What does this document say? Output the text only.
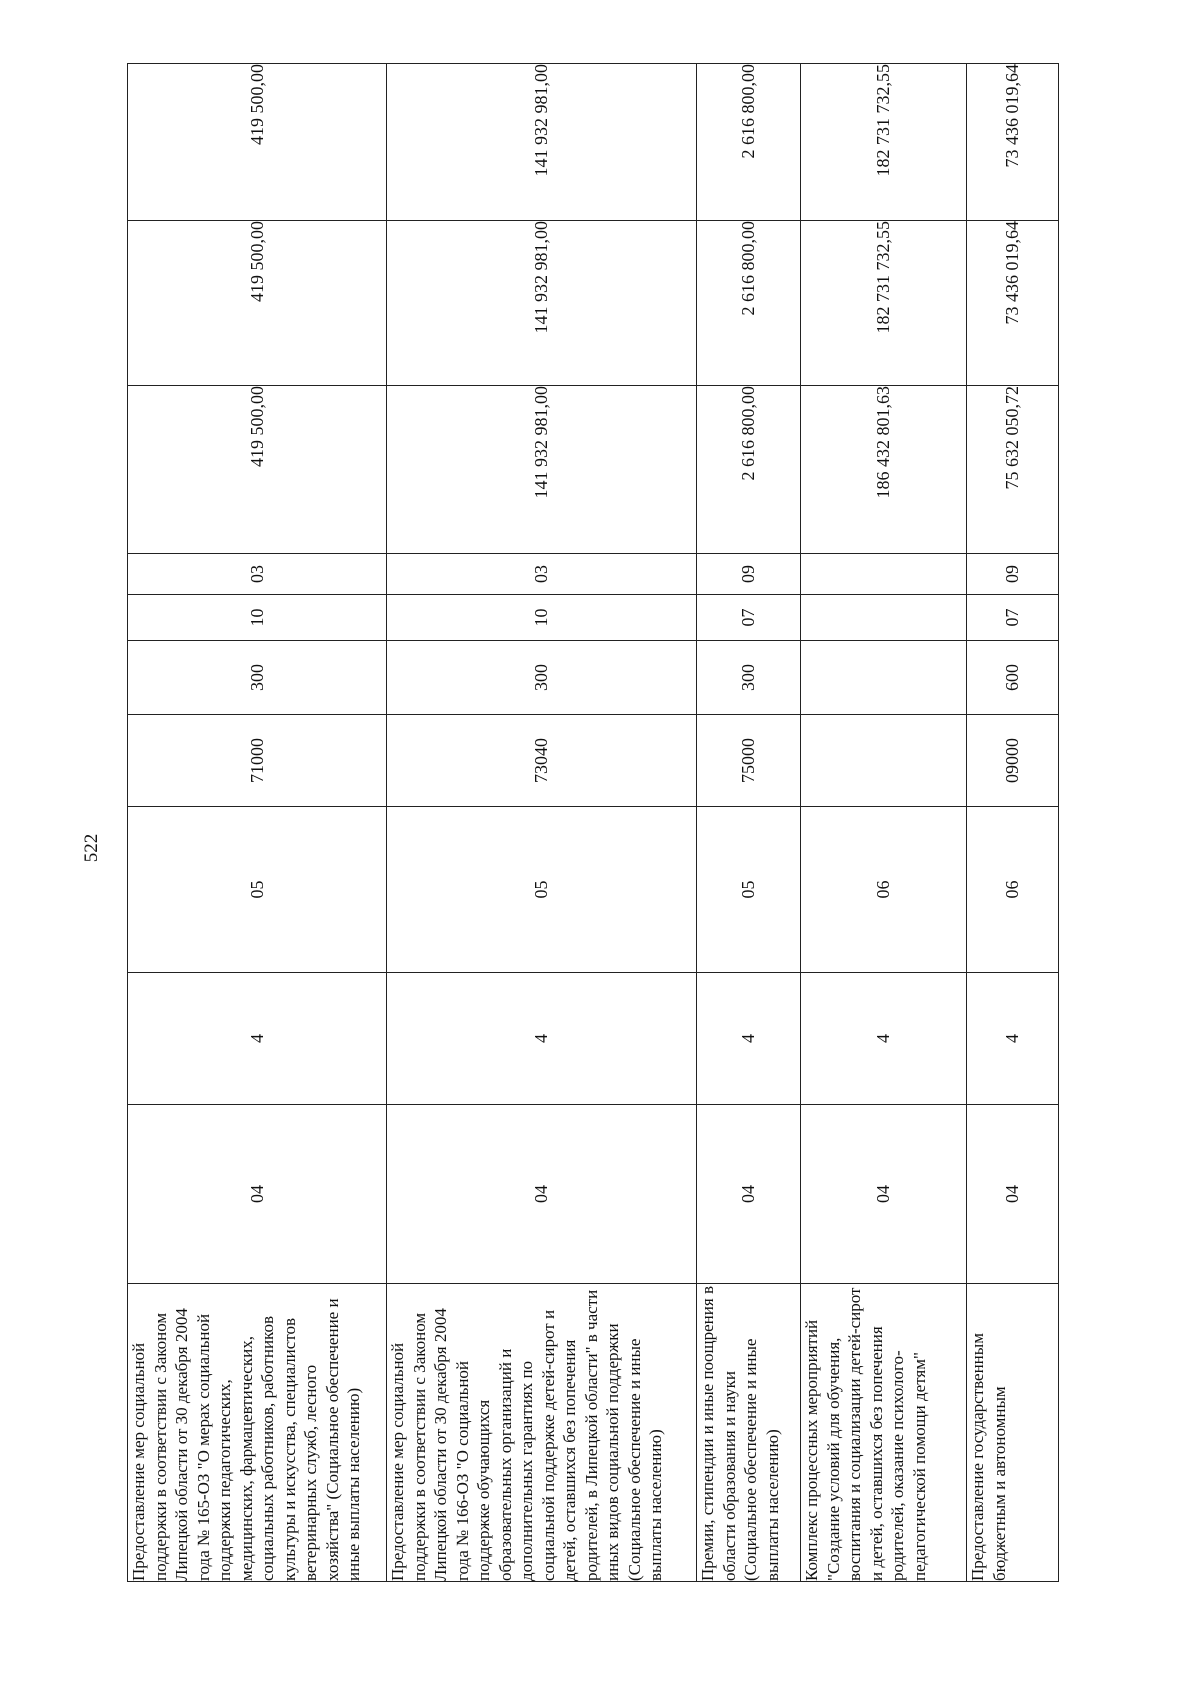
522
Предоставление мер социальной поддержки в соответствии с Законом Липецкой области от 30 декабря 2004 года № 165-ОЗ "О мерах социальной поддержки педагогических, медицинских, фармацевтических, социальных работников, работников культуры и искусства, специалистов ветеринарных служб, лесного хозяйства" (Социальное обеспечение и иные выплаты населению)	04	4	05	71000	300	10	03	419 500,00	419 500,00	419 500,00
Предоставление мер социальной поддержки в соответствии с Законом Липецкой области от 30 декабря 2004 года № 166-ОЗ "О социальной поддержке обучающихся образовательных организаций и дополнительных гарантиях по социальной поддержке детей-сирот и детей, оставшихся без попечения родителей, в Липецкой области" в части иных видов социальной поддержки (Социальное обеспечение и иные выплаты населению)	04	4	05	73040	300	10	03	141 932 981,00	141 932 981,00	141 932 981,00
Премии, стипендии и иные поощрения в области образования и науки (Социальное обеспечение и иные выплаты населению)	04	4	05	75000	300	07	09	2 616 800,00	2 616 800,00	2 616 800,00
Комплекс процессных мероприятий "Создание условий для обучения, воспитания и социализации детей-сирот и детей, оставшихся без попечения родителей, оказание психолого-педагогической помощи детям"	04	4	06					186 432 801,63	182 731 732,55	182 731 732,55
Предоставление государственным бюджетным и автономным	04	4	06	09000	600	07	09	75 632 050,72	73 436 019,64	73 436 019,64
